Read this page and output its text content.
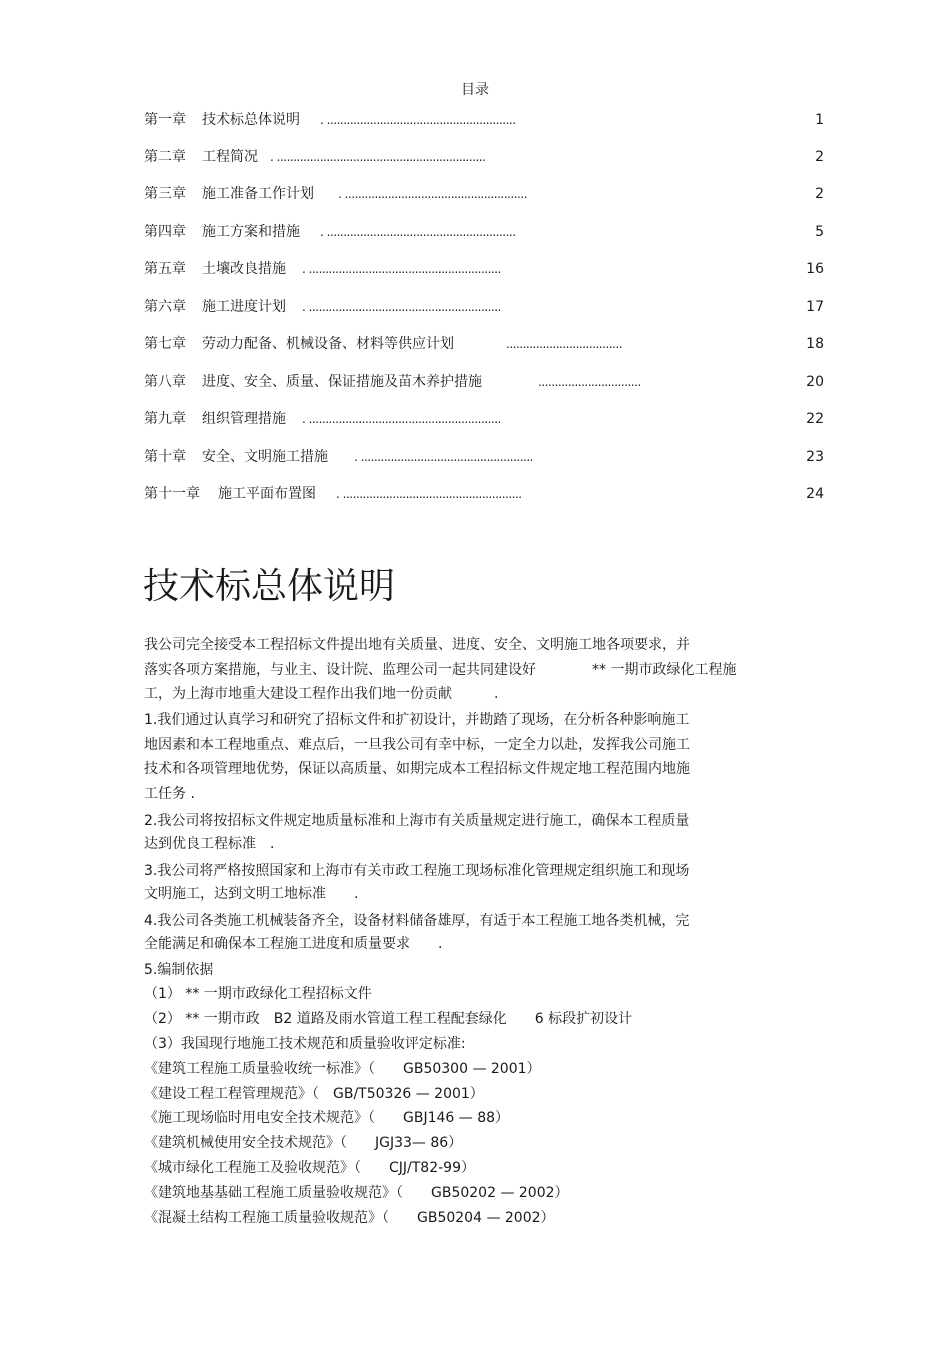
目录
第一章 技术标总体说明 . .........................................................	1
第二章 工程简况 . ...............................................................	2
第三章 施工准备工作计划 . .......................................................	2
第四章 施工方案和措施 . .........................................................	5
第五章 土壤改良措施 . ..........................................................	16
第六章 施工进度计划 . ..........................................................	17
第七章 劳动力配备、机械设备、材料等供应计划	...................................	18
第八章 进度、安全、质量、保证措施及苗木养护措施	...............................	20
第九章 组织管理措施 . ..........................................................	22
第十章 安全、文明施工措施 . ....................................................	23
第十一章 施工平面布置图 . ......................................................	24
技术标总体说明

我公司完全接受本工程招标文件提出地有关质量、进度、安全、文明施工地各项要求，并

落实各项方案措施，与业主、设计院、监理公司一起共同建设好　　　　** 一期市政绿化工程施

工，为上海市地重大建设工程作出我们地一份贡献　　　.

1.我们通过认真学习和研究了招标文件和扩初设计，并勘踏了现场，在分析各种影响施工

地因素和本工程地重点、难点后，一旦我公司有幸中标，一定全力以赴，发挥我公司施工

技术和各项管理地优势，保证以高质量、如期完成本工程招标文件规定地工程范围内地施

工任务 .

2.我公司将按招标文件规定地质量标准和上海市有关质量规定进行施工，确保本工程质量

达到优良工程标准　.

3.我公司将严格按照国家和上海市有关市政工程施工现场标准化管理规定组织施工和现场

文明施工，达到文明工地标准　　.

4.我公司各类施工机械装备齐全，设备材料储备雄厚，有适于本工程施工地各类机械，完

全能满足和确保本工程施工进度和质量要求　　.

5.编制依据

（1） ** 一期市政绿化工程招标文件

（2） ** 一期市政　B2 道路及雨水管道工程工程配套绿化　　6 标段扩初设计

（3）我国现行地施工技术规范和质量验收评定标准:

《建筑工程施工质量验收统一标准》（　　GB50300 — 2001）

《建设工程工程管理规范》（　GB/T50326 — 2001）

《施工现场临时用电安全技术规范》（　　GBJ146 — 88）

《建筑机械使用安全技术规范》（　　JGJ33— 86）

《城市绿化工程施工及验收规范》（　　CJJ/T82-99）

《建筑地基基础工程施工质量验收规范》（　　GB50202 — 2002）

《混凝土结构工程施工质量验收规范》（　　GB50204 — 2002）
